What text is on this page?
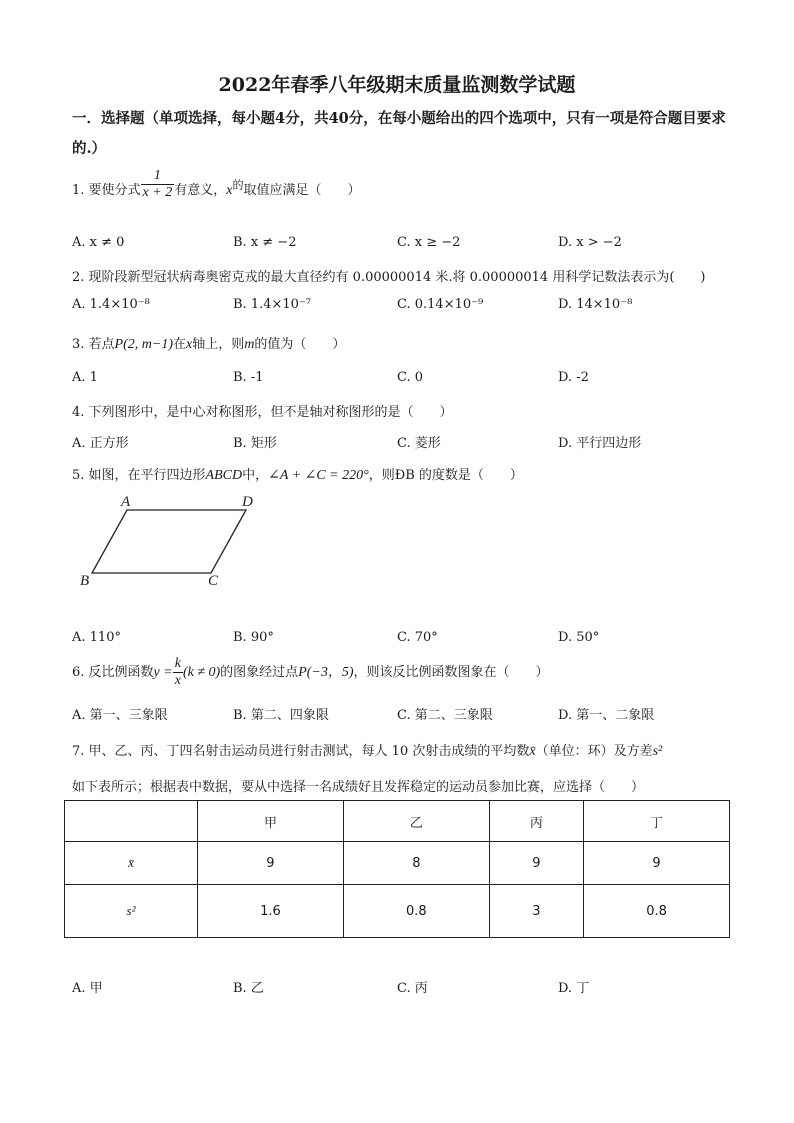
2022年春季八年级期末质量监测数学试题
一．选择题（单项选择，每小题4分，共40分，在每小题给出的四个选项中，只有一项是符合题目要求的.）
1. 要使分式 $\frac{1}{x + 2}$ 有意义，$x^的$取值应满足（　　）
A. x ≠ 0	B. x ≠ −2	C. x ≥ −2	D. x > −2
2. 现阶段新型冠状病毒奥密克戎的最大直径约有 0.00000014 米.将 0.00000014 用科学记数法表示为(　　)
A. 1.4×10⁻⁸	B. 1.4×10⁻⁷	C. 0.14×10⁻⁹	D. 14×10⁻⁸
3. 若点P(2, m−1)在x轴上，则m的值为（　　）
A. 1	B. -1	C. 0	D. -2
4. 下列图形中，是中心对称图形，但不是轴对称图形的是（　　）
A. 正方形	B. 矩形	C. 菱形	D. 平行四边形
5. 如图，在平行四边形ABCD中，∠A + ∠C = 220°，则ÐB 的度数是（　　）
A	D
B	C
A. 110°	B. 90°	C. 70°	D. 50°
6. 反比例函数$y = \frac{k}{x} (k \ne 0)$的图象经过点P(−3，5)，则该反比例函数图象在（　　）
A. 第一、三象限	B. 第二、四象限	C. 第二、三象限	D. 第一、二象限
7. 甲、乙、丙、丁四名射击运动员进行射击测试，每人 10 次射击成绩的平均数x̄（单位：环）及方差s²
如下表所示；根据表中数据，要从中选择一名成绩好且发挥稳定的运动员参加比赛，应选择（　　）
	甲	乙	丙	丁
x̄	9	8	9	9
s²	1.6	0.8	3	0.8
A. 甲	B. 乙	C. 丙	D. 丁
